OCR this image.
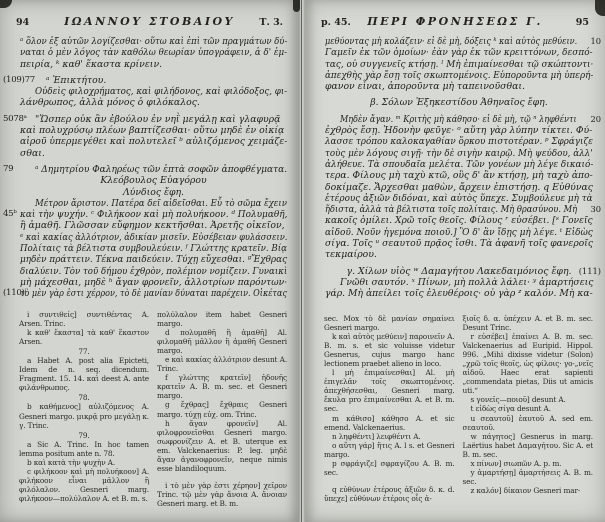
94	ΙΩΑΝΝΟΥ ΣΤΟΒΑΙΟΥ	Τ. 3.
ᵃ ὅλον ἐξ αὐτῶν λογίζεσθαι· οὕτω καὶ ἐπὶ τῶν πραγμάτων δύ-
ναται ὁ μὲν λόγος τὰν καθόλω θεωρίαν ὑπογράφειν, ἁ δ' ἐμ-
πειρία, ᵏ καθ' ἕκαστα κρίνειν.
(109)77 ᵃ Ἐπικτήτου.
Οὐδεὶς φιλοχρήματος, καὶ φιλήδονος, καὶ φιλόδοξος, φι-
λάνθρωπος, ἀλλὰ μόνος ὁ φιλόκαλος.
5078ᵃ "Ὥσπερ οὐκ ἂν ἐβούλου ἐν νηῒ μεγάλῃ καὶ γλαφυρᾷ
καὶ πολυχρύσῳ πλέων βαπτίζεσθαι· οὕτω μηδὲ ἐν οἰκίᾳ
αἱροῦ ὑπερμεγέθει καὶ πολυτελεῖ ᵇ αὐλιζόμενος χειμάζε-
σθαι.
79 ᵃ Δημητρίου Φαληρέως τῶν ἑπτὰ σοφῶν ἀποφθέγματα.
Κλεόβουλος Εὐαγόρου
Λύνδιος ἔφη.
Μέτρον ἄριστον. Πατέρα δεῖ αἰδεῖσθαι. Εὖ τὸ σῶμα ἔχειν
45ᵇ καὶ τὴν ψυχήν. ᶜ Φιλήκοον καὶ μὴ πολυήκοον. ᵈ Πολυμαθῆ,
ἢ ἀμαθῆ. Γλῶσσαν εὔφημον κεκτῆσθαι. Ἀρετῆς οἰκεῖον,
ᵉ καὶ κακίας ἀλλότριον, ἀδικίαν μισεῖν. Εὐσέβειαν φυλάσσειν.
Πολίταις τὰ βέλτιστα συμβουλεύειν. ᶠ Γλώττης κρατεῖν. Βίᾳ
μηδὲν πράττειν. Τέκνα παιδεύειν. Τύχῃ εὔχεσθαι. ᵍἜχθρας
διαλύειν. Τὸν τοῦ δήμου ἐχθρὸν, πολέμιον νομίζειν. Γυναικὶ
μὴ μάχεσθαι, μηδὲ ʰ ἄγαν φρονεῖν, ἀλλοτρίων παρόντων·
(110)ⁱ
τὸ μὲν γὰρ ἐστι χέρρον, τὸ δὲ μανίαν δύναται παρέχειν. Οἰκέτας
i συντιθείς] συντιθέντας A. Arsen. Trinc.
k καθ' ἕκαστα] τὰ καθ' ἕκαστον Arsen.
77.
a Habet A. post alia Epicteti, Idem de n. seq. dicendum. Fragment. 15. 14. καὶ deest A. ante φιλάνθρωπος.
78.
b καθήμενος] αὐλιζόμενος A. Gesneri margo. μικρᾷ pro μεγάλῃ κ. γ. Trinc.
79.
a Sic A. Trinc. In hoc tamen lemma positum ante n. 78.
b καὶ κατὰ τὴν ψυχὴν A.
c φιλήκοον καὶ μὴ πολυήκοον] A. φιλήκοον εἶναι μᾶλλον ἢ φιλόλαλον. Gesneri marg. φιλήκοον—πολύλαλον A. et B. m. s.
πολύλαλον item habet Gesneri margo.
d πολυμαθῆ ἢ ἀμαθῆ] Al. φιλομαθῆ μᾶλλον ἢ ἀμαθῆ Gesneri margo.
e καὶ κακίας ἀλλότριον desunt A. Trinc.
f γλώττης κρατεῖν] ἡδονῆς κρατεῖν A. B. m. sec. et Gesneri margo.
g ἔχθρας] ἔχθραις Gesneri margo. τύχῃ εὐχ. om. Trinc.
h ἄγαν φρονεῖν] Al. φιλοφρονεῖσθαι Gesneri margo. σωφρονίζειν A. et B. uterque ex em. Valckenaerius: P. leg. μηδὲ ἄγαν ἀγανοφρονεῖν, neque nimis esse blandiloquum.
i τὸ μὲν γὰρ ἐστι χέρηον] χεῖρον Trinc. τῷ μὲν γὰρ ἄνοια Α. ἄνοιαν Gesneri marg. et B. m.
p. 45.	ΠΕΡΙ ΦΡΟΝΗΣΕΩΣ Γ.	95
μεθύοντας μὴ κολάζειν· εἰ δὲ μὴ, δόξεις ᵏ καὶ αὐτὸς μεθύειν. 10
Γαμεῖν ἐκ τῶν ὁμοίων· ἐὰν γὰρ ἐκ τῶν κρειττόνων, δεσπό-
τας, οὐ συγγενεῖς κτήσῃ. ˡ Μὴ ἐπιμαίνεσθαι τῷ σκώπτοντι·
ἀπεχθὴς γὰρ ἔσῃ τοῖς σκωπτομένοις. Εὐποροῦντα μὴ ὑπερή-
φανον εἶναι, ἀποροῦντα μὴ ταπεινοῦσθαι.
β. Σόλων Ἐξηκεστίδου Ἀθηναῖος ἔφη.
Μηδὲν ἄγαν. ᵐ Κριτὴς μὴ κάθησο· εἰ δὲ μὴ, τῷ ⁿ ληφθέντι 20
ἐχθρὸς ἔσῃ. Ἡδονὴν φεῦγε· ᵒ αὕτη γὰρ λύπην τίκτει. Φύ-
λασσε τρόπου καλοκαγαθίαν ὅρκου πιστοτέραν. ᵖ Σφράγιζε
τοὺς μὲν λόγους σιγῇ· τὴν δὲ σιγὴν καιρῷ. Μὴ ψεύδου, ἀλλ'
ἀλήθευε. Τὰ σπουδαῖα μελέτα. Τῶν γονέων μὴ λέγε δικαιό-
τερα. Φίλους μὴ ταχὺ κτῶ, οὓς δ' ἂν κτήσῃ, μὴ ταχὺ ἀπο-
δοκίμαζε. Ἄρχεσθαι μαθὼν, ἄρχειν ἐπιστήσῃ. q Εὐθύνας
ἑτέρους ἀξιῶν διδόναι, καὶ αὐτὸς ὕπεχε. Συμβούλευε μὴ τὰ
ἥδιστα, ἀλλὰ τὰ βέλτιστα τοῖς πολίταις. Μὴ θρασύνου. Μὴ 30
κακοῖς ὁμίλει. Χρῶ τοῖς θεοῖς. Φίλους ʳ εὐσέβει. [ˢ Γονεῖς
αἰδοῦ. Νοῦν ἡγεμόνα ποιοῦ.] Ὃ δ' ἂν ἴδῃς μὴ λέγε. ᵗ Εἰδὼς
σίγα. Τοῖς ᵘ σεαυτοῦ πρᾷος ἴσθι. Τὰ ἀφανῆ τοῖς φανεροῖς
τεκμαίρου.
γ. Χίλων υἱὸς ʷ Δαμαγήτου Λακεδαιμόνιος ἔφη. (111)
Γνῶθι σαυτόν. ˣ Πίνων, μὴ πολλὰ λάλει· ʸ ἁμαρτήσεις
γάρ. Μὴ ἀπείλει τοῖς ἐλευθέροις· οὐ γὰρ ᶻ καλόν. Μὴ κα-
sec. Mox τὸ δὲ μανίαν σημαίνει Gesneri margo.
k καὶ αὐτὸς μεθύειν] παροινεῖν A. B. m. s. et sic voluisse videtur Gesnerus, cujus margo hanc lectionem praebet alieno in loco.
l μὴ ἐπιμαίνεσθαι] Al. μὴ ἐπιγελᾶν τοῖς σκωπτομένοις. ἀπεχθήσεσθαι, Gesneri marg. ἔκυλα pro ἐπιμαίνεσθαι A. et B. m. sec.
m κάθισο] κάθησο A. et sic emend. Valckenaerius.
n ληφθέντι] λειφθέντι A.
o αὕτη γάρ] ἥτις A. l s. et Gesneri margo.
p σφράγιζε] σφραγίζου A. B. m. sec.
q εὐθύνων ἑτέρους ἀξιῶν δ. κ. d. ὕπεχε] εὐθύνων ἑτέροις οἷς ἀ-
ξιοῖς δ. α. ὑπέχειν A. et B. m. sec. Desunt Trinc.
r εὐσέβει] ἐπαίνει A. B. m. sec. Valckenaerius ad Euripid. Hippol. 996. „Mihi dixisse videtur (Solon) „χρῶ τοῖς θεοῖς, ὡς φίλοις· γο-„νεῖς αἰδοῦ. Haec erat sapienti „commendata pietas, Diis ut amicis uti.“
s γονεῖς—ποιοῦ] desunt A.
t εἰδὼς σίγα desunt A.
u σεαυτοῦ] ἑαυτοῦ A. sed em. σεαυτοῦ.
w πάγητος] Gesnerus in marg. Laërtius habet Δαμαγήτου. Sic A. et B. m. sec.
x πίνων] σιωπῶν A. p. m.
y ἁμαρτήσῃ] ἁμαρτήσεις A. B. m. sec.
z καλόν] δίκαιον Gesneri mar-
